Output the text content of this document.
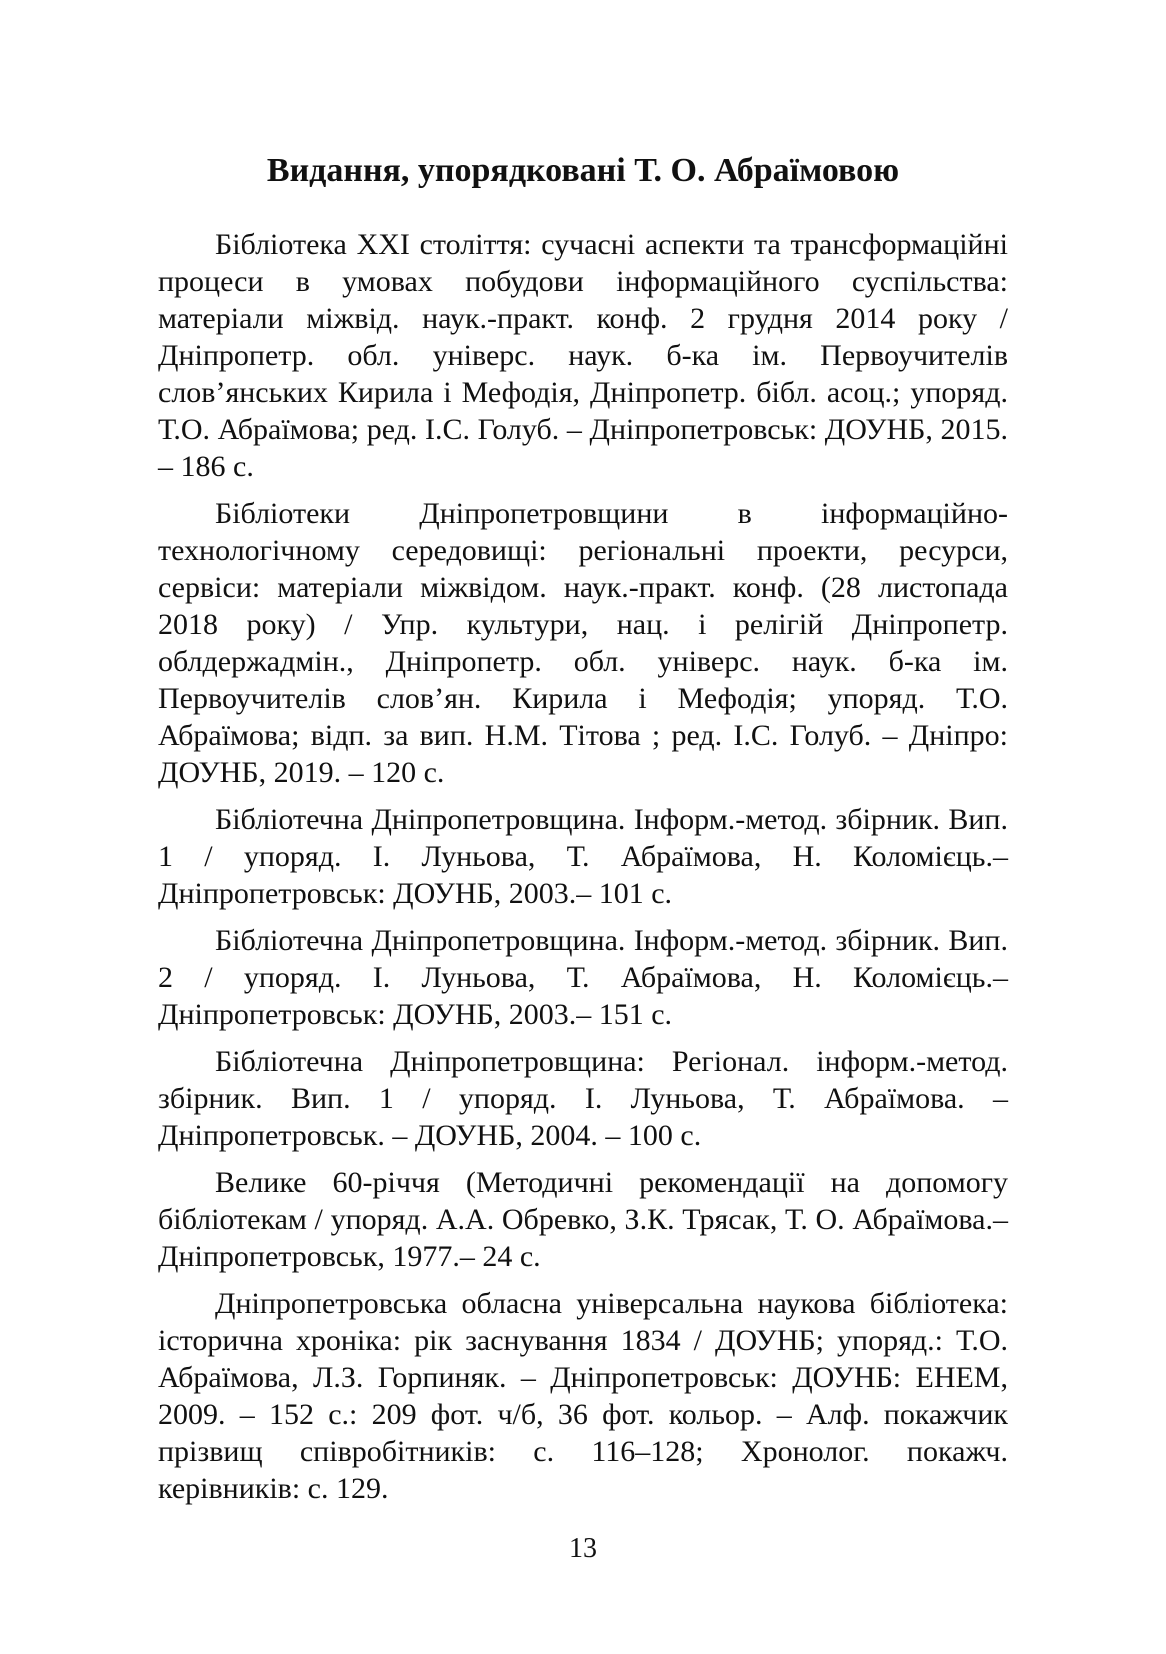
Видання, упорядковані Т. О. Абраїмовою
Бібліотека XXI століття: сучасні аспекти та трансформаційні процеси в умовах побудови інформаційного суспільства: матеріали міжвід. наук.-практ. конф. 2 грудня 2014 року / Дніпропетр. обл. універс. наук. б-ка ім. Первоучителів слов’янських Кирила і Мефодія, Дніпропетр. бібл. асоц.; упоряд. Т.О. Абраїмова; ред. І.С. Голуб. – Дніпропетровськ: ДОУНБ, 2015. – 186 с.
Бібліотеки Дніпропетровщини в інформаційно-технологічному середовищі: регіональні проекти, ресурси, сервіси: матеріали міжвідом. наук.-практ. конф. (28 листопада 2018 року) / Упр. культури, нац. і релігій Дніпропетр. облдержадмін., Дніпропетр. обл. універс. наук. б-ка ім. Первоучителів слов’ян. Кирила і Мефодія; упоряд. Т.О. Абраїмова; відп. за вип. Н.М. Тітова ; ред. І.С. Голуб. – Дніпро: ДОУНБ, 2019. – 120 с.
Бібліотечна Дніпропетровщина. Інформ.-метод. збірник. Вип. 1 / упоряд. І. Луньова, Т. Абраїмова, Н. Коломієць.– Дніпропетровськ: ДОУНБ, 2003.– 101 с.
Бібліотечна Дніпропетровщина. Інформ.-метод. збірник. Вип. 2 / упоряд. І. Луньова, Т. Абраїмова, Н. Коломієць.– Дніпропетровськ: ДОУНБ, 2003.– 151 с.
Бібліотечна Дніпропетровщина: Регіонал. інформ.-метод. збірник. Вип. 1 / упоряд. І. Луньова, Т. Абраїмова. – Дніпропетровськ. – ДОУНБ, 2004. – 100 с.
Велике 60-річчя (Методичні рекомендації на допомогу бібліотекам / упоряд. А.А. Обревко, З.К. Трясак, Т. О. Абраїмова.– Дніпропетровськ, 1977.– 24 с.
Дніпропетровська обласна універсальна наукова бібліотека: історична хроніка: рік заснування 1834 / ДОУНБ; упоряд.: Т.О. Абраїмова, Л.З. Горпиняк. – Дніпропетровськ: ДОУНБ: ЕНЕМ, 2009. – 152 с.: 209 фот. ч/б, 36 фот. кольор. – Алф. покажчик прізвищ співробітників: с. 116–128; Хронолог. покажч. керівників: с. 129.

13
